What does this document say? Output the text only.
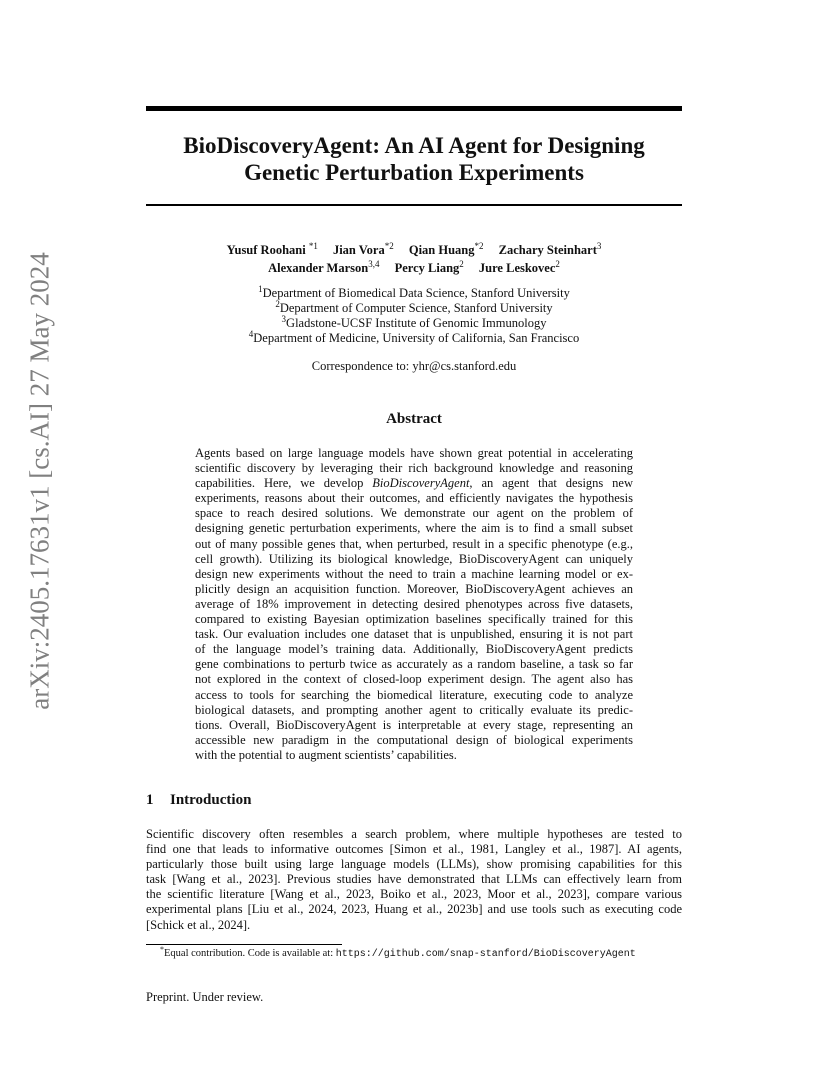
arXiv:2405.17631v1 [cs.AI] 27 May 2024
BioDiscoveryAgent: An AI Agent for Designing
Genetic Perturbation Experiments
Yusuf Roohani $^{*1}$ Jian Vora$^{*2}$ Qian Huang$^{*2}$ Zachary Steinhart$^3$
Alexander Marson$^{3,4}$ Percy Liang$^2$ Jure Leskovec$^2$
$^1$Department of Biomedical Data Science, Stanford University
$^2$Department of Computer Science, Stanford University
$^3$Gladstone-UCSF Institute of Genomic Immunology
$^4$Department of Medicine, University of California, San Francisco
Correspondence to: yhr@cs.stanford.edu
Abstract
Agents based on large language models have shown great potential in accelerating
scientific discovery by leveraging their rich background knowledge and reasoning
capabilities. Here, we develop BioDiscoveryAgent, an agent that designs new
experiments, reasons about their outcomes, and efficiently navigates the hypothesis
space to reach desired solutions. We demonstrate our agent on the problem of
designing genetic perturbation experiments, where the aim is to find a small subset
out of many possible genes that, when perturbed, result in a specific phenotype (e.g.,
cell growth). Utilizing its biological knowledge, BioDiscoveryAgent can uniquely
design new experiments without the need to train a machine learning model or ex-
plicitly design an acquisition function. Moreover, BioDiscoveryAgent achieves an
average of 18% improvement in detecting desired phenotypes across five datasets,
compared to existing Bayesian optimization baselines specifically trained for this
task. Our evaluation includes one dataset that is unpublished, ensuring it is not part
of the language model’s training data. Additionally, BioDiscoveryAgent predicts
gene combinations to perturb twice as accurately as a random baseline, a task so far
not explored in the context of closed-loop experiment design. The agent also has
access to tools for searching the biomedical literature, executing code to analyze
biological datasets, and prompting another agent to critically evaluate its predic-
tions. Overall, BioDiscoveryAgent is interpretable at every stage, representing an
accessible new paradigm in the computational design of biological experiments
with the potential to augment scientists’ capabilities.
1 Introduction
Scientific discovery often resembles a search problem, where multiple hypotheses are tested to
find one that leads to informative outcomes [Simon et al., 1981, Langley et al., 1987]. AI agents,
particularly those built using large language models (LLMs), show promising capabilities for this
task [Wang et al., 2023]. Previous studies have demonstrated that LLMs can effectively learn from
the scientific literature [Wang et al., 2023, Boiko et al., 2023, Moor et al., 2023], compare various
experimental plans [Liu et al., 2024, 2023, Huang et al., 2023b] and use tools such as executing code
[Schick et al., 2024].
*Equal contribution. Code is available at: https://github.com/snap-stanford/BioDiscoveryAgent
Preprint. Under review.
